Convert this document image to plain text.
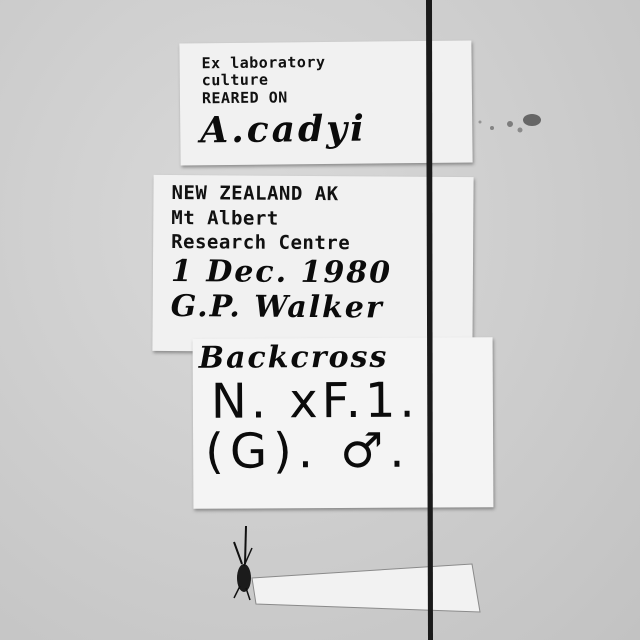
Ex laboratory
culture
REARED ON
A.cadyi
NEW ZEALAND AK
Mt Albert
Research Centre
1 Dec. 1980
G.P. Walker
Backcross
N. xF.1.
(G). ♂.
